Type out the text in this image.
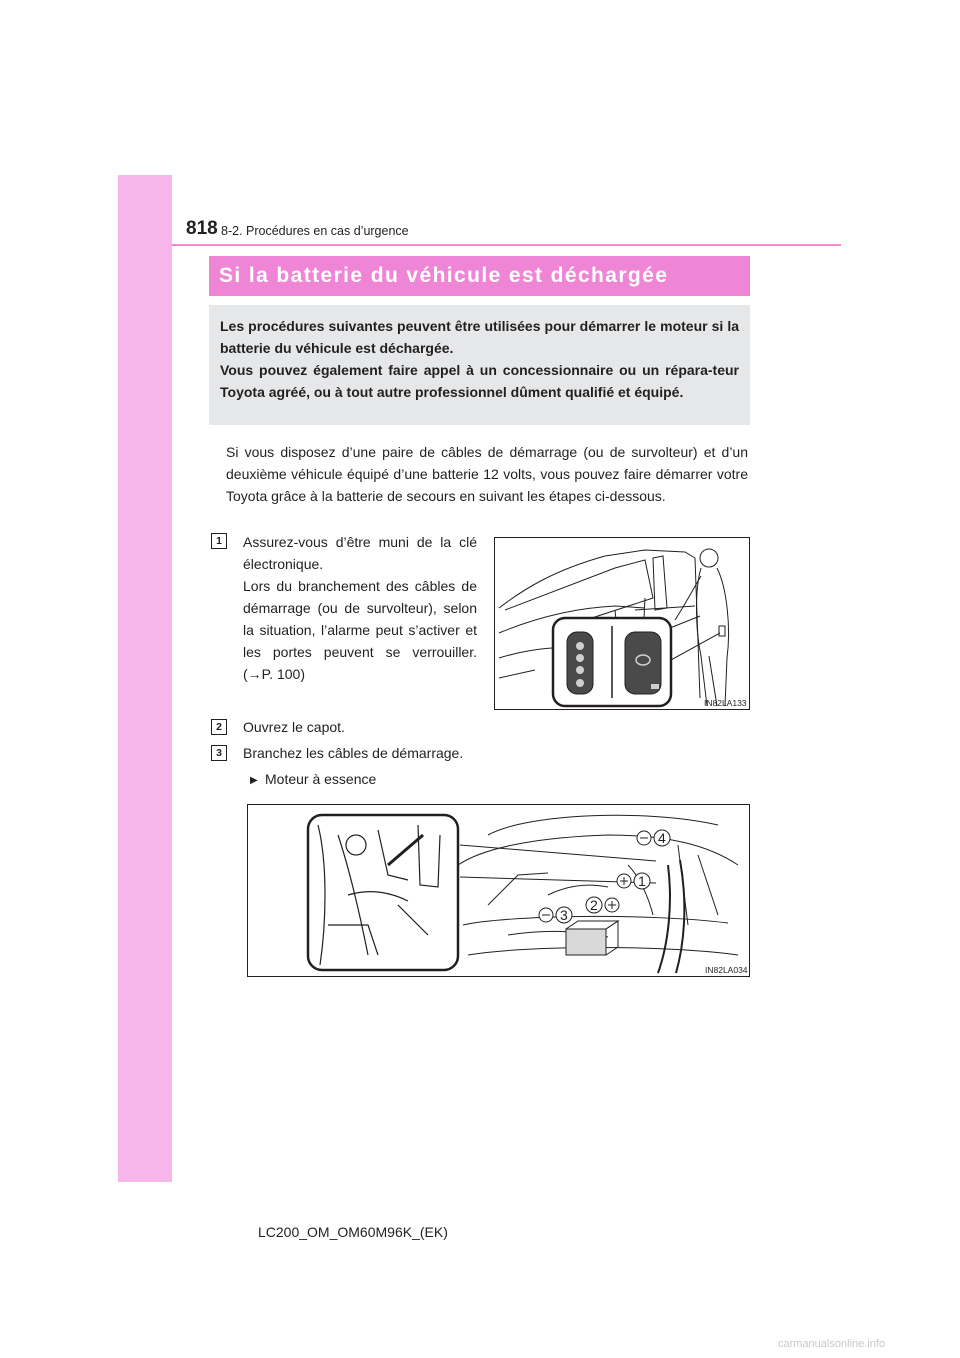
818 8-2. Procédures en cas d’urgence
Si la batterie du véhicule est déchargée

Les procédures suivantes peuvent être utilisées pour démarrer le moteur si la batterie du véhicule est déchargée.

Vous pouvez également faire appel à un concessionnaire ou un répara-teur Toyota agréé, ou à tout autre professionnel dûment qualifié et équipé.

Si vous disposez d’une paire de câbles de démarrage (ou de survolteur) et d’un deuxième véhicule équipé d’une batterie 12 volts, vous pouvez faire démarrer votre Toyota grâce à la batterie de secours en suivant les étapes ci-dessous.

1	Assurez-vous d’être muni de la clé électronique.
Lors du branchement des câbles de démarrage (ou de survolteur), selon la situation, l’alarme peut s’activer et les portes peuvent se verrouiller. (→P. 100)
IN82LA133
2	Ouvrez le capot.

3	Branchez les câbles de démarrage.

▶ Moteur à essence
4
1
2
3
IN82LA034
LC200_OM_OM60M96K_(EK)
carmanualsonline.info
